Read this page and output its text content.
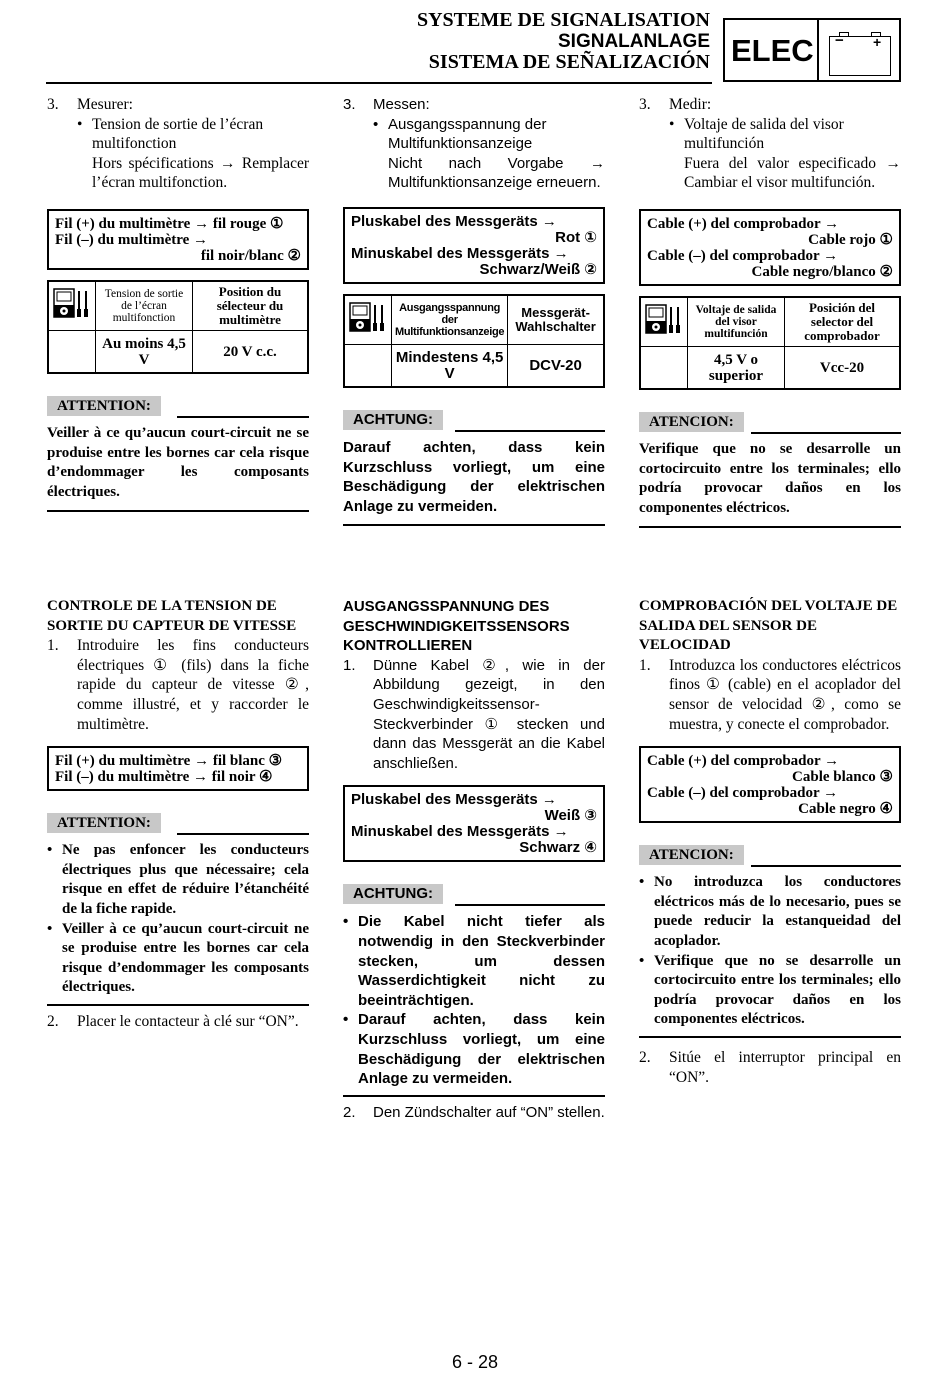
SYSTEME DE SIGNALISATION
SIGNALANLAGE
SISTEMA DE SEÑALIZACIÓN ELEC − +
3.	Mesurer:
• Tension de sortie de l’écran multifonction
Hors spécifications → Remplacer l’écran multifonction.
Fil (+) du multimètre → fil rouge ①
Fil (–) du multimètre →
fil noir/blanc ②
	Tension de sortie de l’écran multifonction	Position du sélecteur du multimètre
	Au moins 4,5 V	20 V c.c.
ATTENTION:
Veiller à ce qu’aucun court-circuit ne se produise entre les bornes car cela risque d’endommager les composants électriques.
CONTROLE DE LA TENSION DE SORTIE DU CAPTEUR DE VITESSE
1.	Introduire les fins conducteurs électriques ① (fils) dans la fiche rapide du capteur de vitesse ②, comme illustré, et y raccorder le multimètre.
Fil (+) du multimètre → fil blanc ③
Fil (–) du multimètre → fil noir ④
ATTENTION:
• Ne pas enfoncer les conducteurs électriques plus que nécessaire; cela risque en effet de réduire l’étanchéité de la fiche rapide.
• Veiller à ce qu’aucun court-circuit ne se produise entre les bornes car cela risque d’endommager les composants électriques.
2.	Placer le contacteur à clé sur “ON”.
3.	Messen:
• Ausgangsspannung der Multifunktionsanzeige
Nicht nach Vorgabe → Multifunktionsanzeige erneuern.
Pluskabel des Messgeräts →
Rot ①
Minuskabel des Messgeräts →
Schwarz/Weiß ②
	Ausgangsspannung der Multifunktionsanzeige	Messgerät-Wahlschalter
	Mindestens 4,5 V	DCV-20
ACHTUNG:
Darauf achten, dass kein Kurzschluss vorliegt, um eine Beschädigung der elektrischen Anlage zu vermeiden.
AUSGANGSSPANNUNG DES GESCHWINDIGKEITSSENSORS KONTROLLIEREN
1.	Dünne Kabel ②, wie in der Abbildung gezeigt, in den Geschwindigkeitssensor-Steckverbinder ① stecken und dann das Messgerät an die Kabel anschließen.
Pluskabel des Messgeräts →
Weiß ③
Minuskabel des Messgeräts →
Schwarz ④
ACHTUNG:
• Die Kabel nicht tiefer als notwendig in den Steckverbinder stecken, um dessen Wasserdichtigkeit nicht zu beeinträchtigen.
• Darauf achten, dass kein Kurzschluss vorliegt, um eine Beschädigung der elektrischen Anlage zu vermeiden.
2.	Den Zündschalter auf “ON” stellen.
3.	Medir:
• Voltaje de salida del visor multifunción
Fuera del valor especificado → Cambiar el visor multifunción.
Cable (+) del comprobador →
Cable rojo ①
Cable (–) del comprobador →
Cable negro/blanco ②
	Voltaje de salida del visor multifunción	Posición del selector del comprobador
	4,5 V o superior	Vcc-20
ATENCION:
Verifique que no se desarrolle un cortocircuito entre los terminales; ello podría provocar daños en los componentes eléctricos.
COMPROBACIÓN DEL VOLTAJE DE SALIDA DEL SENSOR DE VELOCIDAD
1.	Introduzca los conductores eléctricos finos ① (cable) en el acoplador del sensor de velocidad ②, como se muestra, y conecte el comprobador.
Cable (+) del comprobador →
Cable blanco ③
Cable (–) del comprobador →
Cable negro ④
ATENCION:
• No introduzca los conductores eléctricos más de lo necesario, pues se puede reducir la estanqueidad del acoplador.
• Verifique que no se desarrolle un cortocircuito entre los terminales; ello podría provocar daños en los componentes eléctricos.
2.	Sitúe el interruptor principal en “ON”.
6 - 28
